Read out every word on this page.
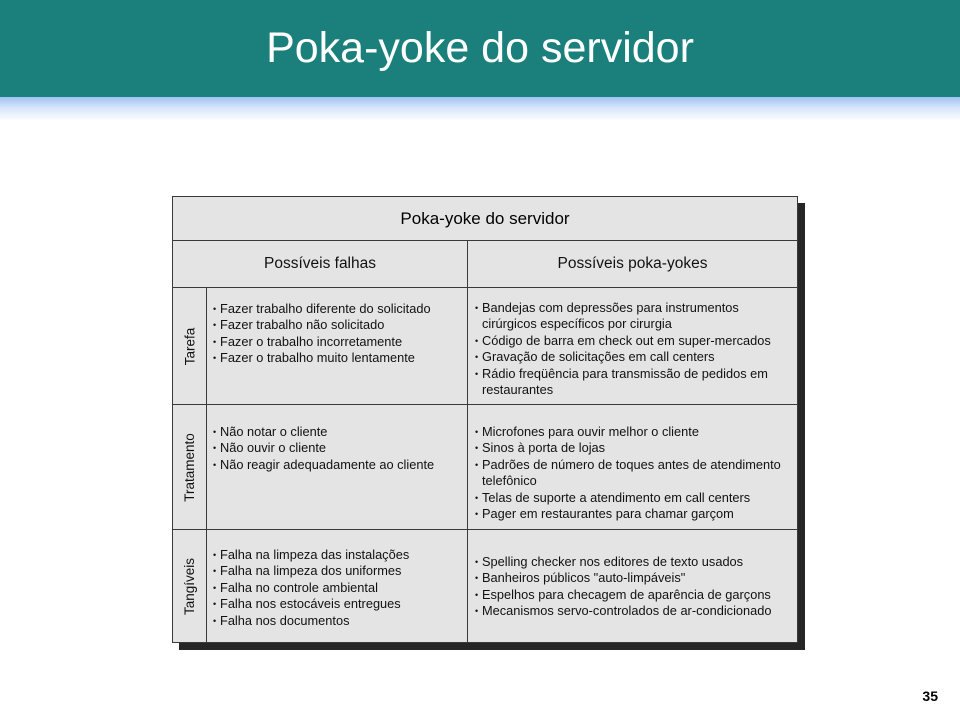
Poka-yoke do servidor
Poka-yoke do servidor
Possíveis falhas	Possíveis poka-yokes
Tarefa
• Fazer trabalho diferente do solicitado
• Fazer trabalho não solicitado
• Fazer o trabalho incorretamente
• Fazer o trabalho muito lentamente
• Bandejas com depressões para instrumentos cirúrgicos específicos por cirurgia
• Código de barra em check out em super-mercados
• Gravação de solicitações em call centers
• Rádio freqüência para transmissão de pedidos em restaurantes
Tratamento
• Não notar o cliente
• Não ouvir o cliente
• Não reagir adequadamente ao cliente
• Microfones para ouvir melhor o cliente
• Sinos à porta de lojas
• Padrões de número de toques antes de atendimento telefônico
• Telas de suporte a atendimento em call centers
• Pager em restaurantes para chamar garçom
Tangíveis
• Falha na limpeza das instalações
• Falha na limpeza dos uniformes
• Falha no controle ambiental
• Falha nos estocáveis entregues
• Falha nos documentos
• Spelling checker nos editores de texto usados
• Banheiros públicos "auto-limpáveis"
• Espelhos para checagem de aparência de garçons
• Mecanismos servo-controlados de ar-condicionado
35
